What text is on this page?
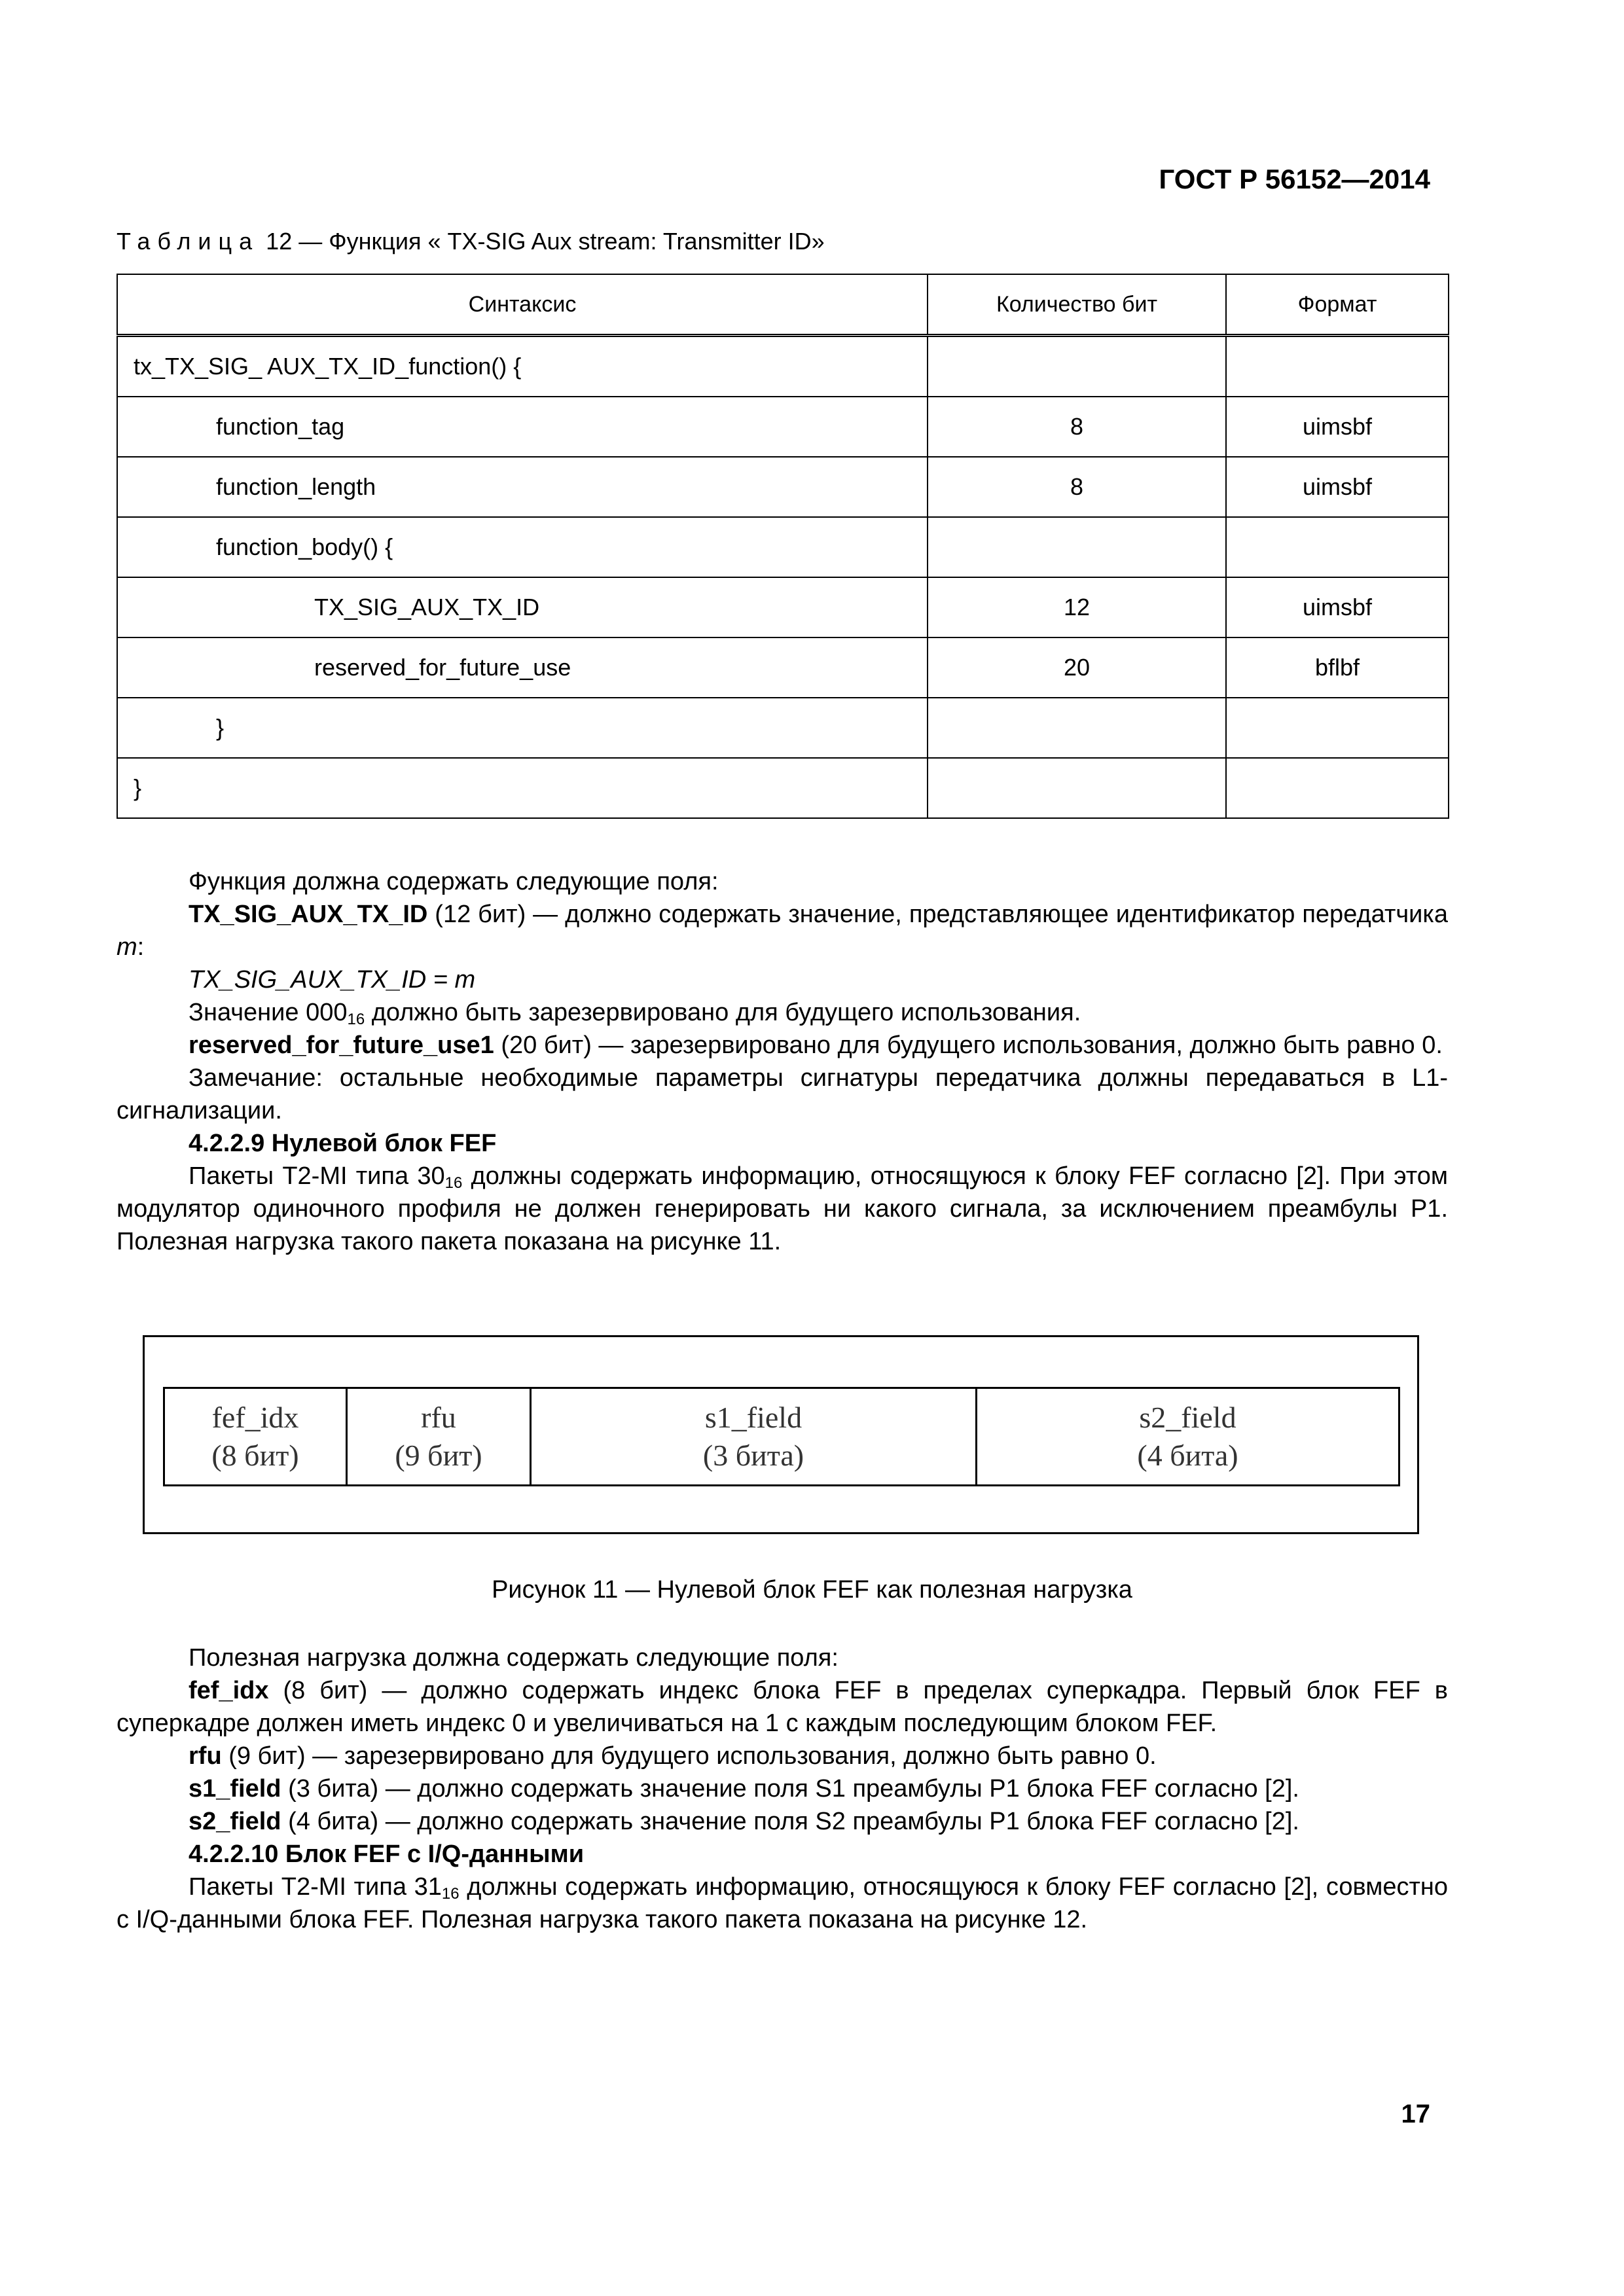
ГОСТ Р 56152—2014
Таблица 12 — Функция « TX-SIG Aux stream: Transmitter ID»
Синтаксис	Количество бит	Формат
tx_TX_SIG_ AUX_TX_ID_function() {		
function_tag	8	uimsbf
function_length	8	uimsbf
function_body() {		
TX_SIG_AUX_TX_ID	12	uimsbf
reserved_for_future_use	20	bflbf
}		
}		

Функция должна содержать следующие поля:

TX_SIG_AUX_TX_ID (12 бит) — должно содержать значение, представляющее идентификатор передатчика m:

TX_SIG_AUX_TX_ID = m

Значение $000_{16}$ должно быть зарезервировано для будущего использования.

reserved_for_future_use1 (20 бит) — зарезервировано для будущего использования, должно быть равно 0.

Замечание: остальные необходимые параметры сигнатуры передатчика должны передаваться в L1-сигнализации.

4.2.2.9 Нулевой блок FEF

Пакеты T2-MI типа $30_{16}$ должны содержать информацию, относящуюся к блоку FEF согласно [2]. При этом модулятор одиночного профиля не должен генерировать ни какого сигнала, за исключением преамбулы P1. Полезная нагрузка такого пакета показана на рисунке 11.

fef_idx
(8 бит)
rfu
(9 бит)
s1_field
(3 бита)
s2_field
(4 бита)
Рисунок 11 — Нулевой блок FEF как полезная нагрузка

Полезная нагрузка должна содержать следующие поля:

fef_idx (8 бит) — должно содержать индекс блока FEF в пределах суперкадра. Первый блок FEF в суперкадре должен иметь индекс 0 и увеличиваться на 1 с каждым последующим блоком FEF.

rfu (9 бит) — зарезервировано для будущего использования, должно быть равно 0.

s1_field (3 бита) — должно содержать значение поля S1 преамбулы P1 блока FEF согласно [2].

s2_field (4 бита) — должно содержать значение поля S2 преамбулы P1 блока FEF согласно [2].

4.2.2.10 Блок FEF с I/Q-данными

Пакеты T2-MI типа $31_{16}$ должны содержать информацию, относящуюся к блоку FEF согласно [2], совместно с I/Q-данными блока FEF. Полезная нагрузка такого пакета показана на рисунке 12.

17
